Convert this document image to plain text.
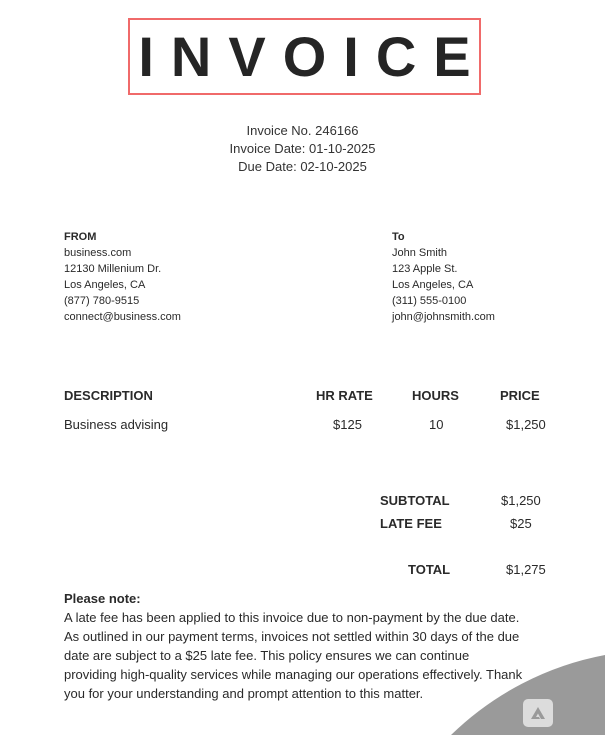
INVOICE
Invoice No. 246166
Invoice Date: 01-10-2025
Due Date: 02-10-2025
FROM
business.com
12130 Millenium Dr.
Los Angeles, CA
(877) 780-9515
connect@business.com
To
John Smith
123 Apple St.
Los Angeles, CA
(311) 555-0100
john@johnsmith.com
DESCRIPTION	HR RATE	HOURS	PRICE
Business advising	$125	10	$1,250
SUBTOTAL	$1,250
LATE FEE	$25
TOTAL	$1,275
Please note:
A late fee has been applied to this invoice due to non-payment by the due date. As outlined in our payment terms, invoices not settled within 30 days of the due date are subject to a $25 late fee. This policy ensures we can continue providing high-quality services while managing our operations effectively. Thank you for your understanding and prompt attention to this matter.
